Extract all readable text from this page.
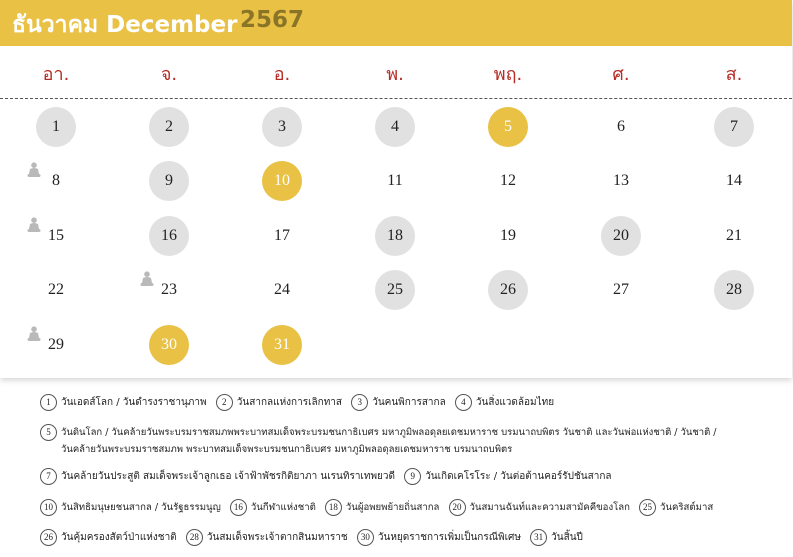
ธันวาคม December 2567
อา.	จ.	อ.	พ.	พฤ.	ศ.	ส.
1	2	3	4	5	6	7
8	9	10	11	12	13	14
15	16	17	18	19	20	21
22	23	24	25	26	27	28
29	30	31
1 วันเอดส์โลก / วันดำรงราชานุภาพ 2 วันสากลแห่งการเลิกทาส 3 วันคนพิการสากล 4 วันสิ่งแวดล้อมไทย
5 วันดินโลก / วันคล้ายวันพระบรมราชสมภพพระบาทสมเด็จพระบรมชนกาธิเบศร มหาภูมิพลอดุลยเดชมหาราช บรมนาถบพิตร วันชาติ และวันพ่อแห่งชาติ / วันชาติ /
วันคล้ายวันพระบรมราชสมภพ พระบาทสมเด็จพระบรมชนกาธิเบศร มหาภูมิพลอดุลยเดชมหาราช บรมนาถบพิตร
7 วันคล้ายวันประสูติ สมเด็จพระเจ้าลูกเธอ เจ้าฟ้าพัชรกิติยาภา นเรนทิราเทพยวดี 9 วันเกิดเคโรโระ / วันต่อต้านคอร์รัปชันสากล
10 วันสิทธิมนุษยชนสากล / วันรัฐธรรมนูญ 16 วันกีฬาแห่งชาติ 18 วันผู้อพยพย้ายถิ่นสากล 20 วันสมานฉันท์และความสามัคคีของโลก 25 วันคริสต์มาส
26 วันคุ้มครองสัตว์ป่าแห่งชาติ 28 วันสมเด็จพระเจ้าตากสินมหาราช 30 วันหยุดราชการเพิ่มเป็นกรณีพิเศษ 31 วันสิ้นปี
